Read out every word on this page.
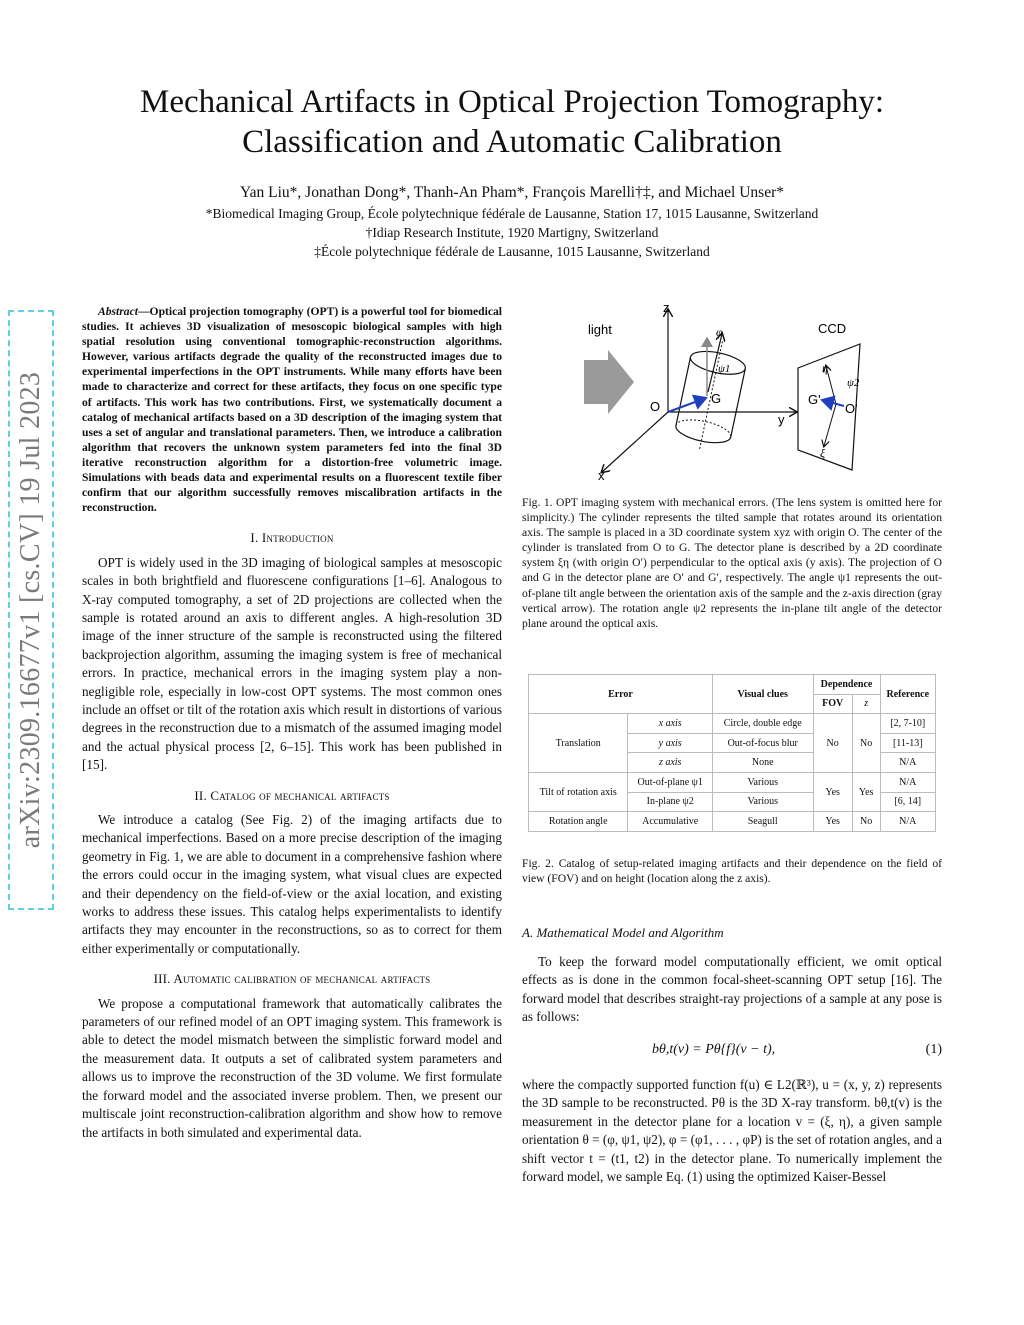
arXiv:2309.16677v1 [cs.CV] 19 Jul 2023
Mechanical Artifacts in Optical Projection Tomography:
Classification and Automatic Calibration
Yan Liu*, Jonathan Dong*, Thanh-An Pham*, François Marelli†‡, and Michael Unser*
*Biomedical Imaging Group, École polytechnique fédérale de Lausanne, Station 17, 1015 Lausanne, Switzerland
†Idiap Research Institute, 1920 Martigny, Switzerland
‡École polytechnique fédérale de Lausanne, 1015 Lausanne, Switzerland

Abstract—Optical projection tomography (OPT) is a powerful tool for biomedical studies. It achieves 3D visualization of mesoscopic biological samples with high spatial resolution using conventional tomographic-reconstruction algorithms. However, various artifacts degrade the quality of the reconstructed images due to experimental imperfections in the OPT instruments. While many efforts have been made to characterize and correct for these artifacts, they focus on one specific type of artifacts. This work has two contributions. First, we systematically document a catalog of mechanical artifacts based on a 3D description of the imaging system that uses a set of angular and translational parameters. Then, we introduce a calibration algorithm that recovers the unknown system parameters fed into the final 3D iterative reconstruction algorithm for a distortion-free volumetric image. Simulations with beads data and experimental results on a fluorescent textile fiber confirm that our algorithm successfully removes miscalibration artifacts in the reconstruction.

I. Introduction

OPT is widely used in the 3D imaging of biological samples at mesoscopic scales in both brightfield and fluorescene configurations [1–6]. Analogous to X-ray computed tomography, a set of 2D projections are collected when the sample is rotated around an axis to different angles. A high-resolution 3D image of the inner structure of the sample is reconstructed using the filtered backprojection algorithm, assuming the imaging system is free of mechanical errors. In practice, mechanical errors in the imaging system play a non-negligible role, especially in low-cost OPT systems. The most common ones include an offset or tilt of the rotation axis which result in distortions of various degrees in the reconstruction due to a mismatch of the assumed imaging model and the actual physical process [2, 6–15]. This work has been published in [15].

II. Catalog of mechanical artifacts

We introduce a catalog (See Fig. 2) of the imaging artifacts due to mechanical imperfections. Based on a more precise description of the imaging geometry in Fig. 1, we are able to document in a comprehensive fashion where the errors could occur in the imaging system, what visual clues are expected and their dependency on the field-of-view or the axial location, and existing works to address these issues. This catalog helps experimentalists to identify artifacts they may encounter in the reconstructions, so as to correct for them either experimentally or computationally.

III. Automatic calibration of mechanical artifacts

We propose a computational framework that automatically calibrates the parameters of our refined model of an OPT imaging system. This framework is able to detect the model mismatch between the simplistic forward model and the measurement data. It outputs a set of calibrated system parameters and allows us to improve the reconstruction of the 3D volume. We first formulate the forward model and the associated inverse problem. Then, we present our multiscale joint reconstruction-calibration algorithm and show how to remove the artifacts in both simulated and experimental data.

light
z
y
x
O
φ
ψ1
G
CCD
η
ψ2
ξ
G'
O'
Fig. 1. OPT imaging system with mechanical errors. (The lens system is omitted here for simplicity.) The cylinder represents the tilted sample that rotates around its orientation axis. The sample is placed in a 3D coordinate system xyz with origin O. The center of the cylinder is translated from O to G. The detector plane is described by a 2D coordinate system ξη (with origin O′) perpendicular to the optical axis (y axis). The projection of O and G in the detector plane are O′ and G′, respectively. The angle ψ1 represents the out-of-plane tilt angle between the orientation axis of the sample and the z-axis direction (gray vertical arrow). The rotation angle ψ2 represents the in-plane tilt angle of the detector plane around the optical axis.
Error		Visual clues	Dependence		Reference
			FOV	z	
Translation	x axis	Circle, double edge	No	No	[2, 7-10]
	y axis	Out-of-focus blur			[11-13]
	z axis	None			N/A
Tilt of rotation axis	Out-of-plane ψ1	Various	Yes	Yes	N/A
	In-plane ψ2	Various			[6, 14]
Rotation angle	Accumulative	Seagull	Yes	No	N/A
Fig. 2. Catalog of setup-related imaging artifacts and their dependence on the field of view (FOV) and on height (location along the z axis).
A. Mathematical Model and Algorithm

To keep the forward model computationally efficient, we omit optical effects as is done in the common focal-sheet-scanning OPT setup [16]. The forward model that describes straight-ray projections of a sample at any pose is as follows:

bθ,t(v) = Pθ{f}(v − t),	(1)

where the compactly supported function f(u) ∈ L2(ℝ³), u = (x, y, z) represents the 3D sample to be reconstructed. Pθ is the 3D X-ray transform. bθ,t(v) is the measurement in the detector plane for a location v = (ξ, η), a given sample orientation θ = (φ, ψ1, ψ2), φ = (φ1, . . . , φP) is the set of rotation angles, and a shift vector t = (t1, t2) in the detector plane. To numerically implement the forward model, we sample Eq. (1) using the optimized Kaiser-Bessel
